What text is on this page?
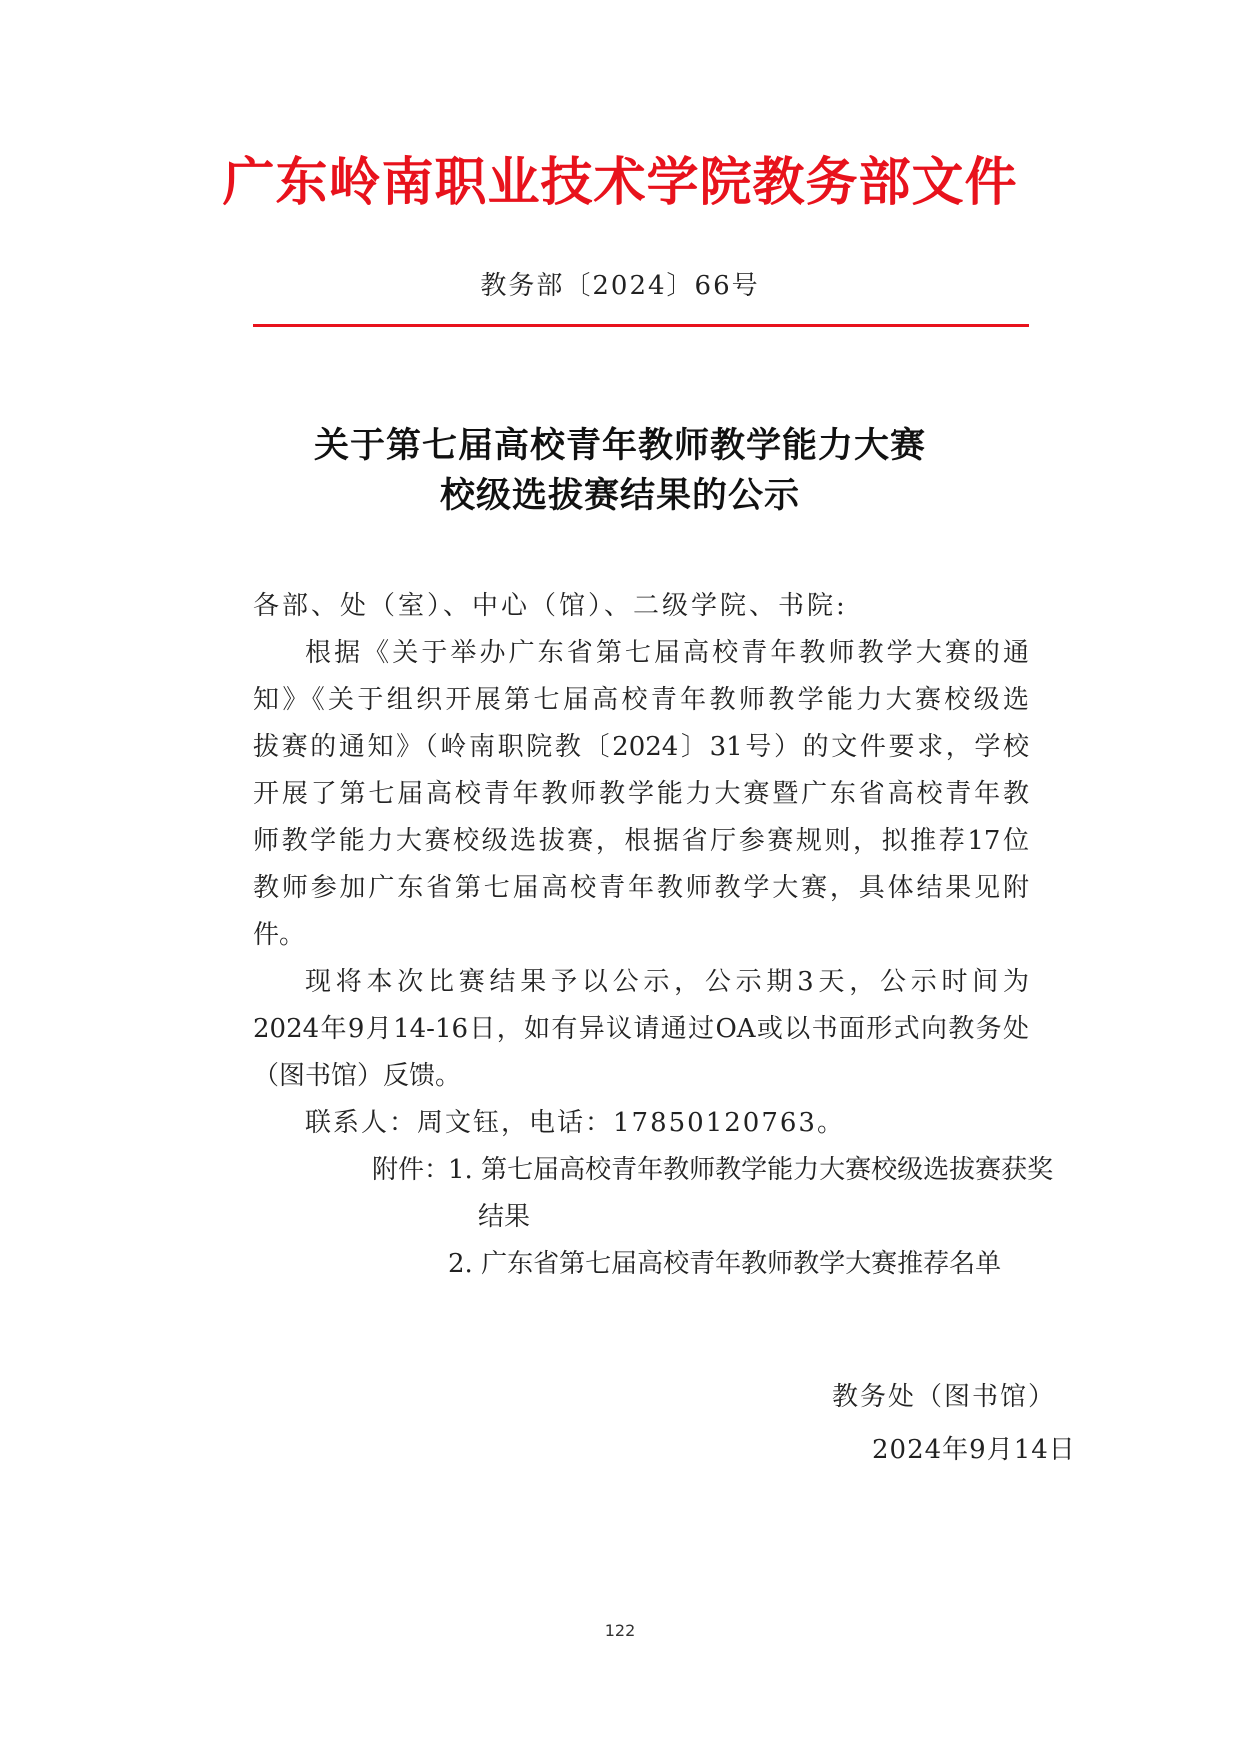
广东岭南职业技术学院教务部文件
教务部〔2024〕66号
关于第七届高校青年教师教学能力大赛
校级选拔赛结果的公示
各部、处（室）、中心（馆）、二级学院、书院:
根据《关于举办广东省第七届高校青年教师教学大赛的通
知》《关于组织开展第七届高校青年教师教学能力大赛校级选
拔赛的通知》（岭南职院教〔2024〕31号）的文件要求，学校
开展了第七届高校青年教师教学能力大赛暨广东省高校青年教
师教学能力大赛校级选拔赛，根据省厅参赛规则，拟推荐17位
教师参加广东省第七届高校青年教师教学大赛，具体结果见附
件。
现将本次比赛结果予以公示，公示期3天，公示时间为
2024年9月14-16日，如有异议请通过OA或以书面形式向教务处
（图书馆）反馈。
联系人：周文钰，电话：17850120763。
附件：
1. 第七届高校青年教师教学能力大赛校级选拔赛获奖
结果
2. 广东省第七届高校青年教师教学大赛推荐名单
教务处（图书馆）
2024年9月14日
122
